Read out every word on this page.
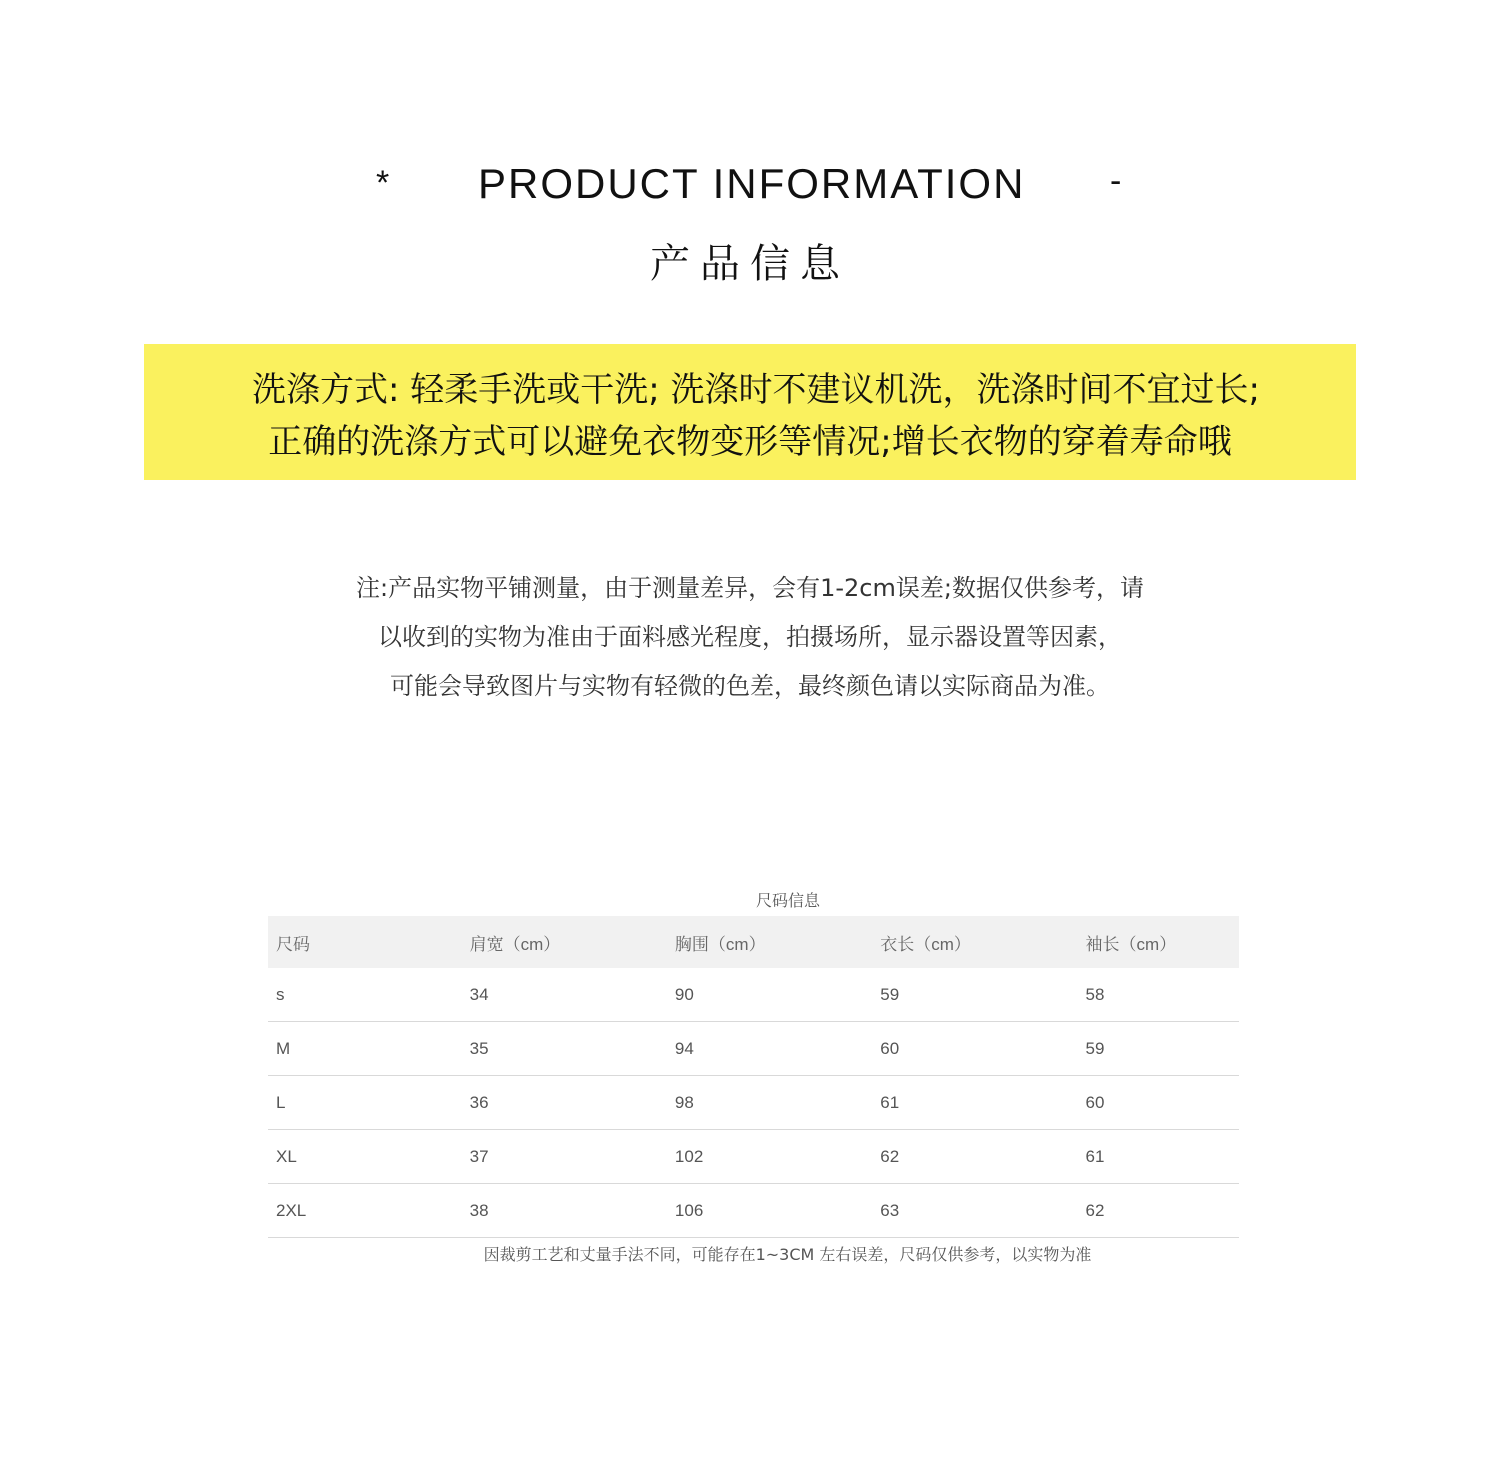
* PRODUCT INFORMATION -
产品信息
洗涤方式: 轻柔手洗或干洗; 洗涤时不建议机洗，洗涤时间不宜过长;
正确的洗涤方式可以避免衣物变形等情况;增长衣物的穿着寿命哦
注:产品实物平铺测量，由于测量差异，会有1-2cm误差;数据仅供参考，请
以收到的实物为准由于面料感光程度，拍摄场所，显示器设置等因素，
可能会导致图片与实物有轻微的色差，最终颜色请以实际商品为准。
尺码信息
尺码	肩宽（cm）	胸围（cm）	衣长（cm）	袖长（cm）
s	34	90	59	58
M	35	94	60	59
L	36	98	61	60
XL	37	102	62	61
2XL	38	106	63	62
因裁剪工艺和丈量手法不同，可能存在1~3CM 左右误差，尺码仅供参考，以实物为准
